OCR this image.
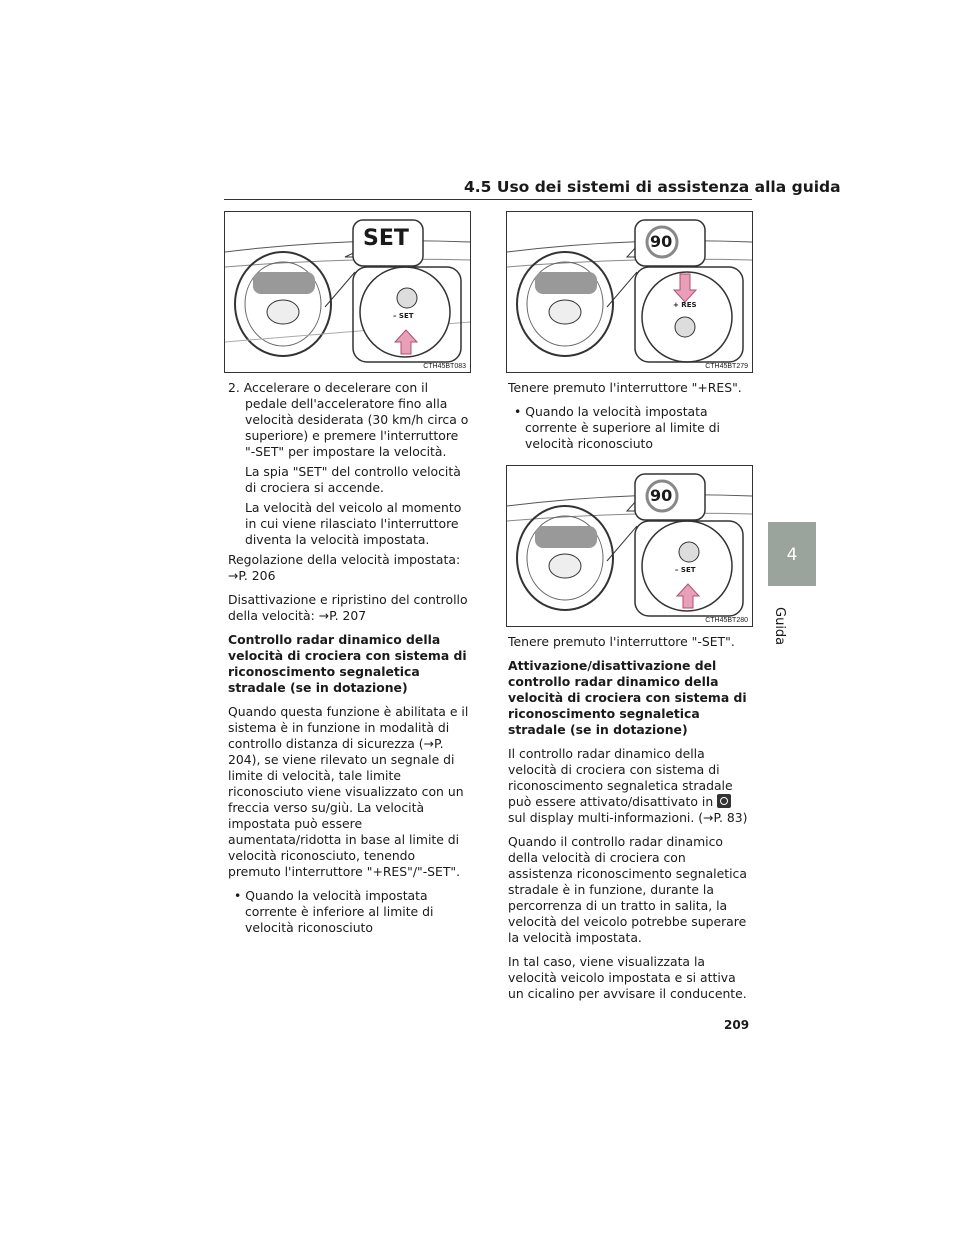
4.5 Uso dei sistemi di assistenza alla guida
4
Guida
SET
– SET
CTH45BT083
90
+ RES
CTH45BT279
90
– SET
CTH45BT280

2. Accelerare o decelerare con il pedale dell'acceleratore fino alla velocità desiderata (30 km/h circa o superiore) e premere l'interruttore "-SET" per impostare la velocità.

La spia "SET" del controllo velocità di crociera si accende.

La velocità del veicolo al momento in cui viene rilasciato l'interruttore diventa la velocità impostata.

Regolazione della velocità impostata: →P. 206

Disattivazione e ripristino del controllo della velocità: →P. 207

Controllo radar dinamico della velocità di crociera con sistema di riconoscimento segnaletica stradale (se in dotazione)

Quando questa funzione è abilitata e il sistema è in funzione in modalità di controllo distanza di sicurezza (→P. 204), se viene rilevato un segnale di limite di velocità, tale limite riconosciuto viene visualizzato con un freccia verso su/giù. La velocità impostata può essere aumentata/ridotta in base al limite di velocità riconosciuto, tenendo premuto l'interruttore "+RES"/"-SET".

• Quando la velocità impostata corrente è inferiore al limite di velocità riconosciuto

Tenere premuto l'interruttore "+RES".

• Quando la velocità impostata corrente è superiore al limite di velocità riconosciuto

Tenere premuto l'interruttore "-SET".

Attivazione/disattivazione del controllo radar dinamico della velocità di crociera con sistema di riconoscimento segnaletica stradale (se in dotazione)

Il controllo radar dinamico della velocità di crociera con sistema di riconoscimento segnaletica stradale può essere attivato/disattivato in  sul display multi-informazioni. (→P. 83)

Quando il controllo radar dinamico della velocità di crociera con assistenza riconoscimento segnaletica stradale è in funzione, durante la percorrenza di un tratto in salita, la velocità del veicolo potrebbe superare la velocità impostata.

In tal caso, viene visualizzata la velocità veicolo impostata e si attiva un cicalino per avvisare il conducente.

209
